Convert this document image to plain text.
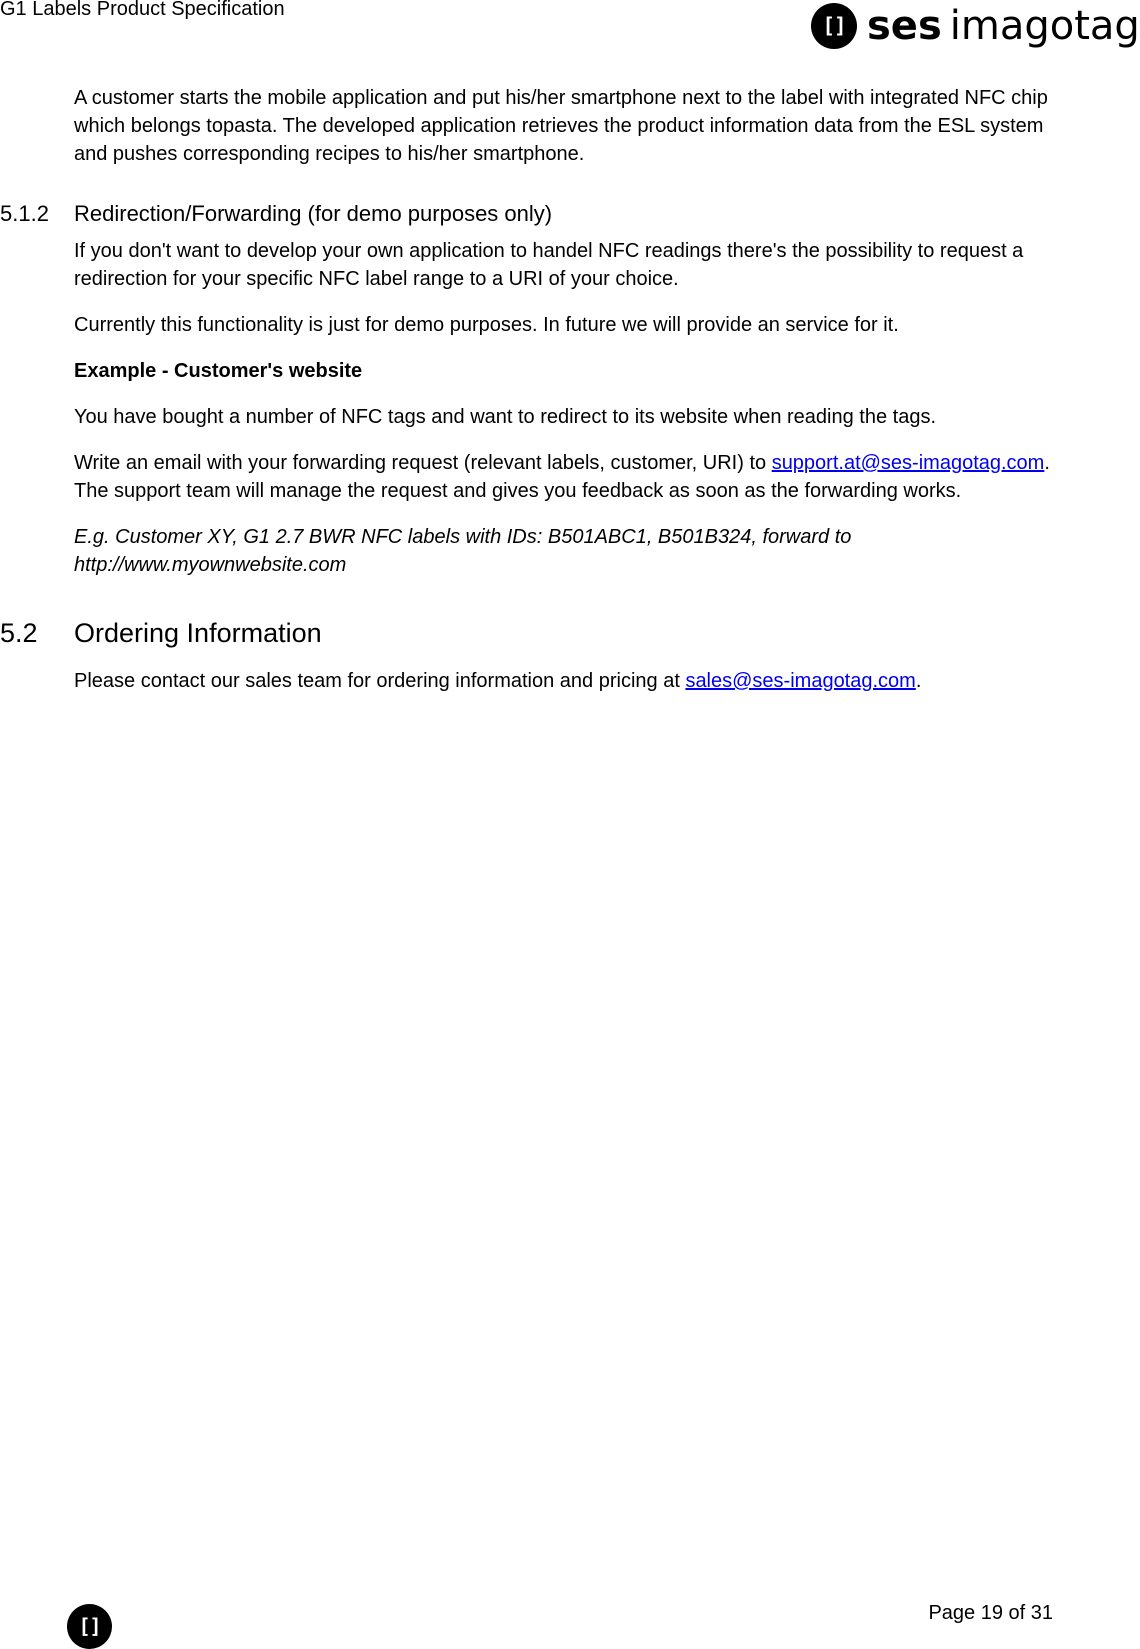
G1 Labels Product Specification
[] ses imagotag

A customer starts the mobile application and put his/her smartphone next to the label with integrated NFC chip which belongs topasta. The developed application retrieves the product information data from the ESL system and pushes corresponding recipes to his/her smartphone.

5.1.2 Redirection/Forwarding (for demo purposes only)

If you don't want to develop your own application to handel NFC readings there's the possibility to request a redirection for your specific NFC label range to a URI of your choice.

Currently this functionality is just for demo purposes. In future we will provide an service for it.

Example - Customer's website

You have bought a number of NFC tags and want to redirect to its website when reading the tags.

Write an email with your forwarding request (relevant labels, customer, URI) to support.at@ses-imagotag.com. The support team will manage the request and gives you feedback as soon as the forwarding works.

E.g. Customer XY, G1 2.7 BWR NFC labels with IDs: B501ABC1, B501B324, forward to http://www.myownwebsite.com

5.2 Ordering Information

Please contact our sales team for ordering information and pricing at sales@ses-imagotag.com.

[]
Page 19 of 31
